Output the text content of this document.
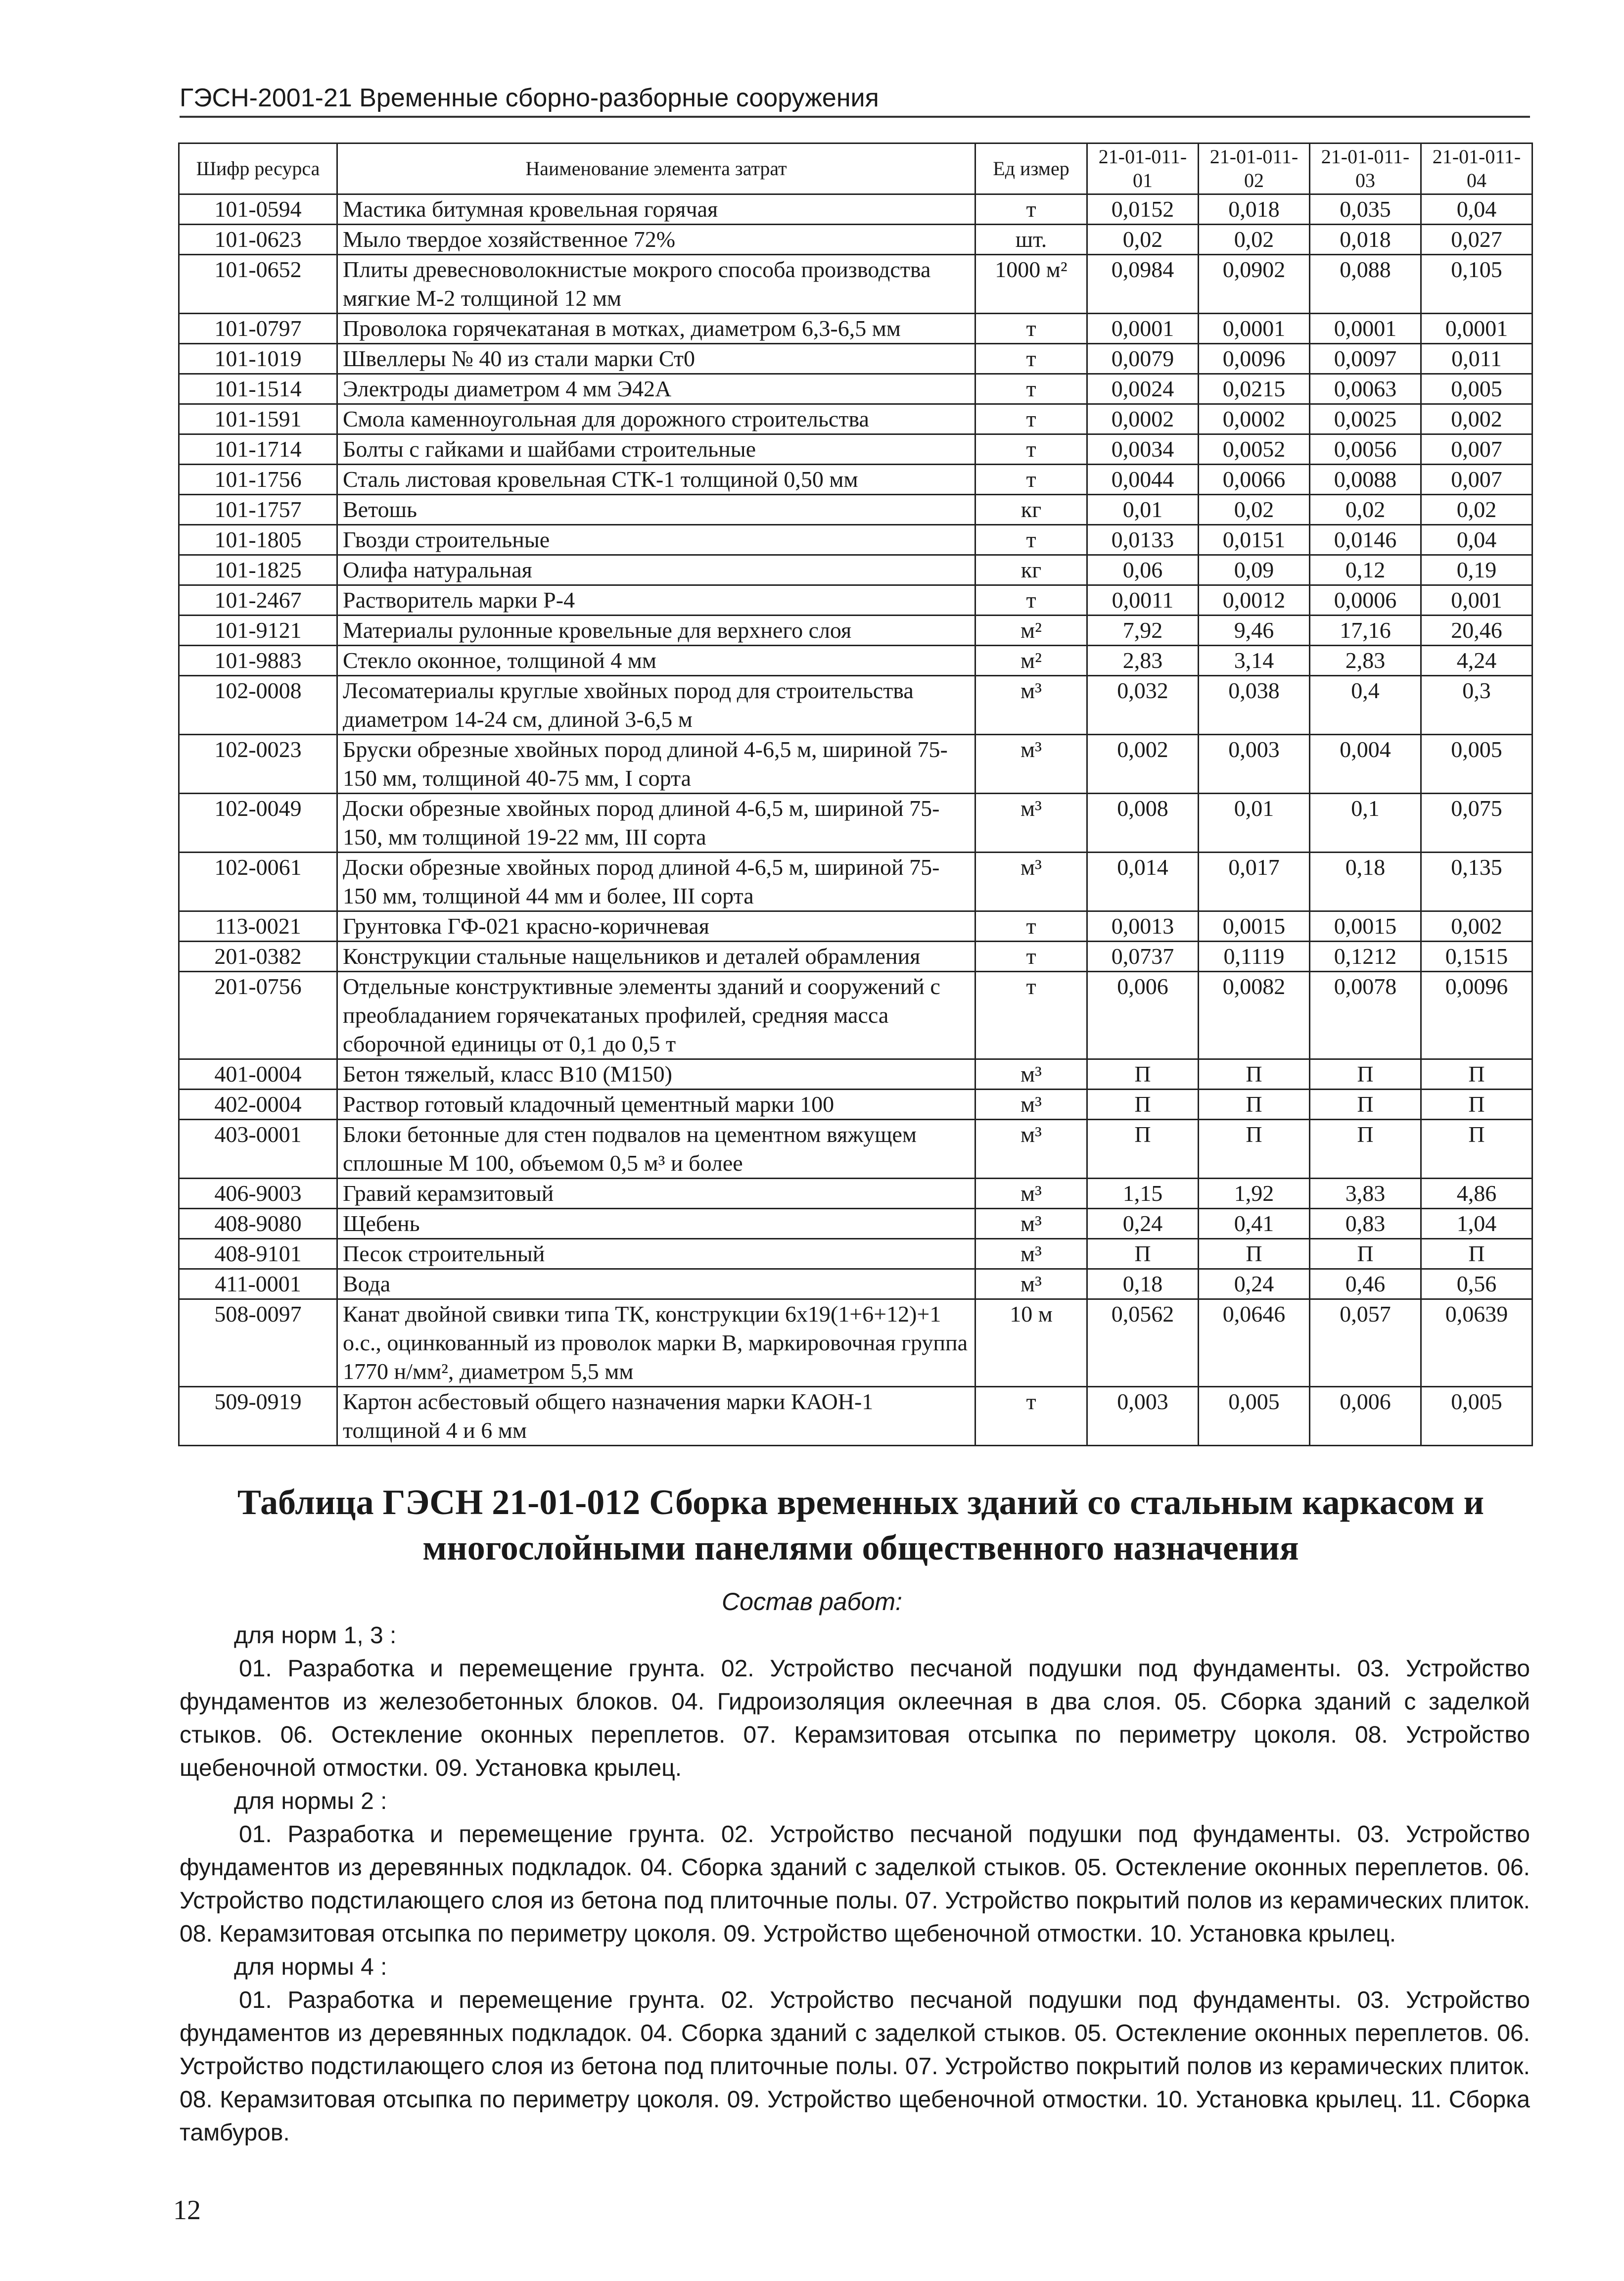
ГЭСН-2001-21 Временные сборно-разборные сооружения
Шифр ресурса	Наименование элемента затрат	Ед измер	21-01-011-01	21-01-011-02	21-01-011-03	21-01-011-04
101-0594	Мастика битумная кровельная горячая	т	0,0152	0,018	0,035	0,04
101-0623	Мыло твердое хозяйственное 72%	шт.	0,02	0,02	0,018	0,027
101-0652	Плиты древесноволокнистые мокрого способа производства мягкие М-2 толщиной 12 мм	1000 м²	0,0984	0,0902	0,088	0,105
101-0797	Проволока горячекатаная в мотках, диаметром 6,3-6,5 мм	т	0,0001	0,0001	0,0001	0,0001
101-1019	Швеллеры № 40 из стали марки Ст0	т	0,0079	0,0096	0,0097	0,011
101-1514	Электроды диаметром 4 мм Э42А	т	0,0024	0,0215	0,0063	0,005
101-1591	Смола каменноугольная для дорожного строительства	т	0,0002	0,0002	0,0025	0,002
101-1714	Болты с гайками и шайбами строительные	т	0,0034	0,0052	0,0056	0,007
101-1756	Сталь листовая кровельная СТК-1 толщиной 0,50 мм	т	0,0044	0,0066	0,0088	0,007
101-1757	Ветошь	кг	0,01	0,02	0,02	0,02
101-1805	Гвозди строительные	т	0,0133	0,0151	0,0146	0,04
101-1825	Олифа натуральная	кг	0,06	0,09	0,12	0,19
101-2467	Растворитель марки Р-4	т	0,0011	0,0012	0,0006	0,001
101-9121	Материалы рулонные кровельные для верхнего слоя	м²	7,92	9,46	17,16	20,46
101-9883	Стекло оконное, толщиной 4 мм	м²	2,83	3,14	2,83	4,24
102-0008	Лесоматериалы круглые хвойных пород для строительства диаметром 14-24 см, длиной 3-6,5 м	м³	0,032	0,038	0,4	0,3
102-0023	Бруски обрезные хвойных пород длиной 4-6,5 м, шириной 75-150 мм, толщиной 40-75 мм, I сорта	м³	0,002	0,003	0,004	0,005
102-0049	Доски обрезные хвойных пород длиной 4-6,5 м, шириной 75-150, мм толщиной 19-22 мм, III сорта	м³	0,008	0,01	0,1	0,075
102-0061	Доски обрезные хвойных пород длиной 4-6,5 м, шириной 75-150 мм, толщиной 44 мм и более, III сорта	м³	0,014	0,017	0,18	0,135
113-0021	Грунтовка ГФ-021 красно-коричневая	т	0,0013	0,0015	0,0015	0,002
201-0382	Конструкции стальные нащельников и деталей обрамления	т	0,0737	0,1119	0,1212	0,1515
201-0756	Отдельные конструктивные элементы зданий и сооружений с преобладанием горячекатаных профилей, средняя масса сборочной единицы от 0,1 до 0,5 т	т	0,006	0,0082	0,0078	0,0096
401-0004	Бетон тяжелый, класс В10 (М150)	м³	П	П	П	П
402-0004	Раствор готовый кладочный цементный марки 100	м³	П	П	П	П
403-0001	Блоки бетонные для стен подвалов на цементном вяжущем сплошные М 100, объемом 0,5 м³ и более	м³	П	П	П	П
406-9003	Гравий керамзитовый	м³	1,15	1,92	3,83	4,86
408-9080	Щебень	м³	0,24	0,41	0,83	1,04
408-9101	Песок строительный	м³	П	П	П	П
411-0001	Вода	м³	0,18	0,24	0,46	0,56
508-0097	Канат двойной свивки типа ТК, конструкции 6х19(1+6+12)+1 о.с., оцинкованный из проволок марки В, маркировочная группа 1770 н/мм², диаметром 5,5 мм	10 м	0,0562	0,0646	0,057	0,0639
509-0919	Картон асбестовый общего назначения марки КАОН-1 толщиной 4 и 6 мм	т	0,003	0,005	0,006	0,005
Таблица ГЭСН 21-01-012 Сборка временных зданий со стальным каркасом и многослойными панелями общественного назначения
Состав работ:

для норм 1, 3 :

01. Разработка и перемещение грунта. 02. Устройство песчаной подушки под фундаменты. 03. Устройство фундаментов из железобетонных блоков. 04. Гидроизоляция оклеечная в два слоя. 05. Сборка зданий с заделкой стыков. 06. Остекление оконных переплетов. 07. Керамзитовая отсыпка по периметру цоколя. 08. Устройство щебеночной отмостки. 09. Установка крылец.

для нормы 2 :

01. Разработка и перемещение грунта. 02. Устройство песчаной подушки под фундаменты. 03. Устройство фундаментов из деревянных подкладок. 04. Сборка зданий с заделкой стыков. 05. Остекление оконных переплетов. 06. Устройство подстилающего слоя из бетона под плиточные полы. 07. Устройство покрытий полов из керамических плиток. 08. Керамзитовая отсыпка по периметру цоколя. 09. Устройство щебеночной отмостки. 10. Установка крылец.

для нормы 4 :

01. Разработка и перемещение грунта. 02. Устройство песчаной подушки под фундаменты. 03. Устройство фундаментов из деревянных подкладок. 04. Сборка зданий с заделкой стыков. 05. Остекление оконных переплетов. 06. Устройство подстилающего слоя из бетона под плиточные полы. 07. Устройство покрытий полов из керамических плиток. 08. Керамзитовая отсыпка по периметру цоколя. 09. Устройство щебеночной отмостки. 10. Установка крылец. 11. Сборка тамбуров.

12
